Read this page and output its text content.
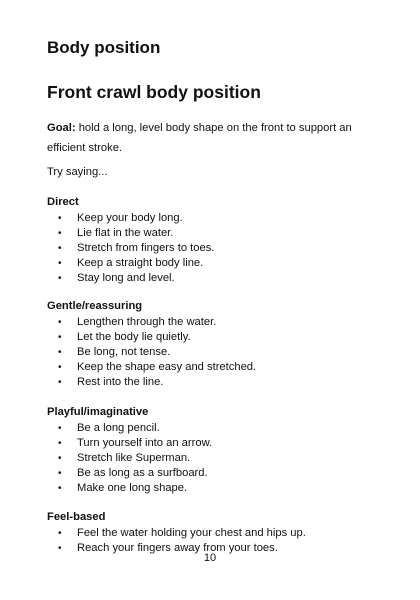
Body position
Front crawl body position
Goal: hold a long, level body shape on the front to support an efficient stroke.
Try saying...
Direct
• Keep your body long.
• Lie flat in the water.
• Stretch from fingers to toes.
• Keep a straight body line.
• Stay long and level.
Gentle/reassuring
• Lengthen through the water.
• Let the body lie quietly.
• Be long, not tense.
• Keep the shape easy and stretched.
• Rest into the line.
Playful/imaginative
• Be a long pencil.
• Turn yourself into an arrow.
• Stretch like Superman.
• Be as long as a surfboard.
• Make one long shape.
Feel-based
• Feel the water holding your chest and hips up.
• Reach your fingers away from your toes.
10
